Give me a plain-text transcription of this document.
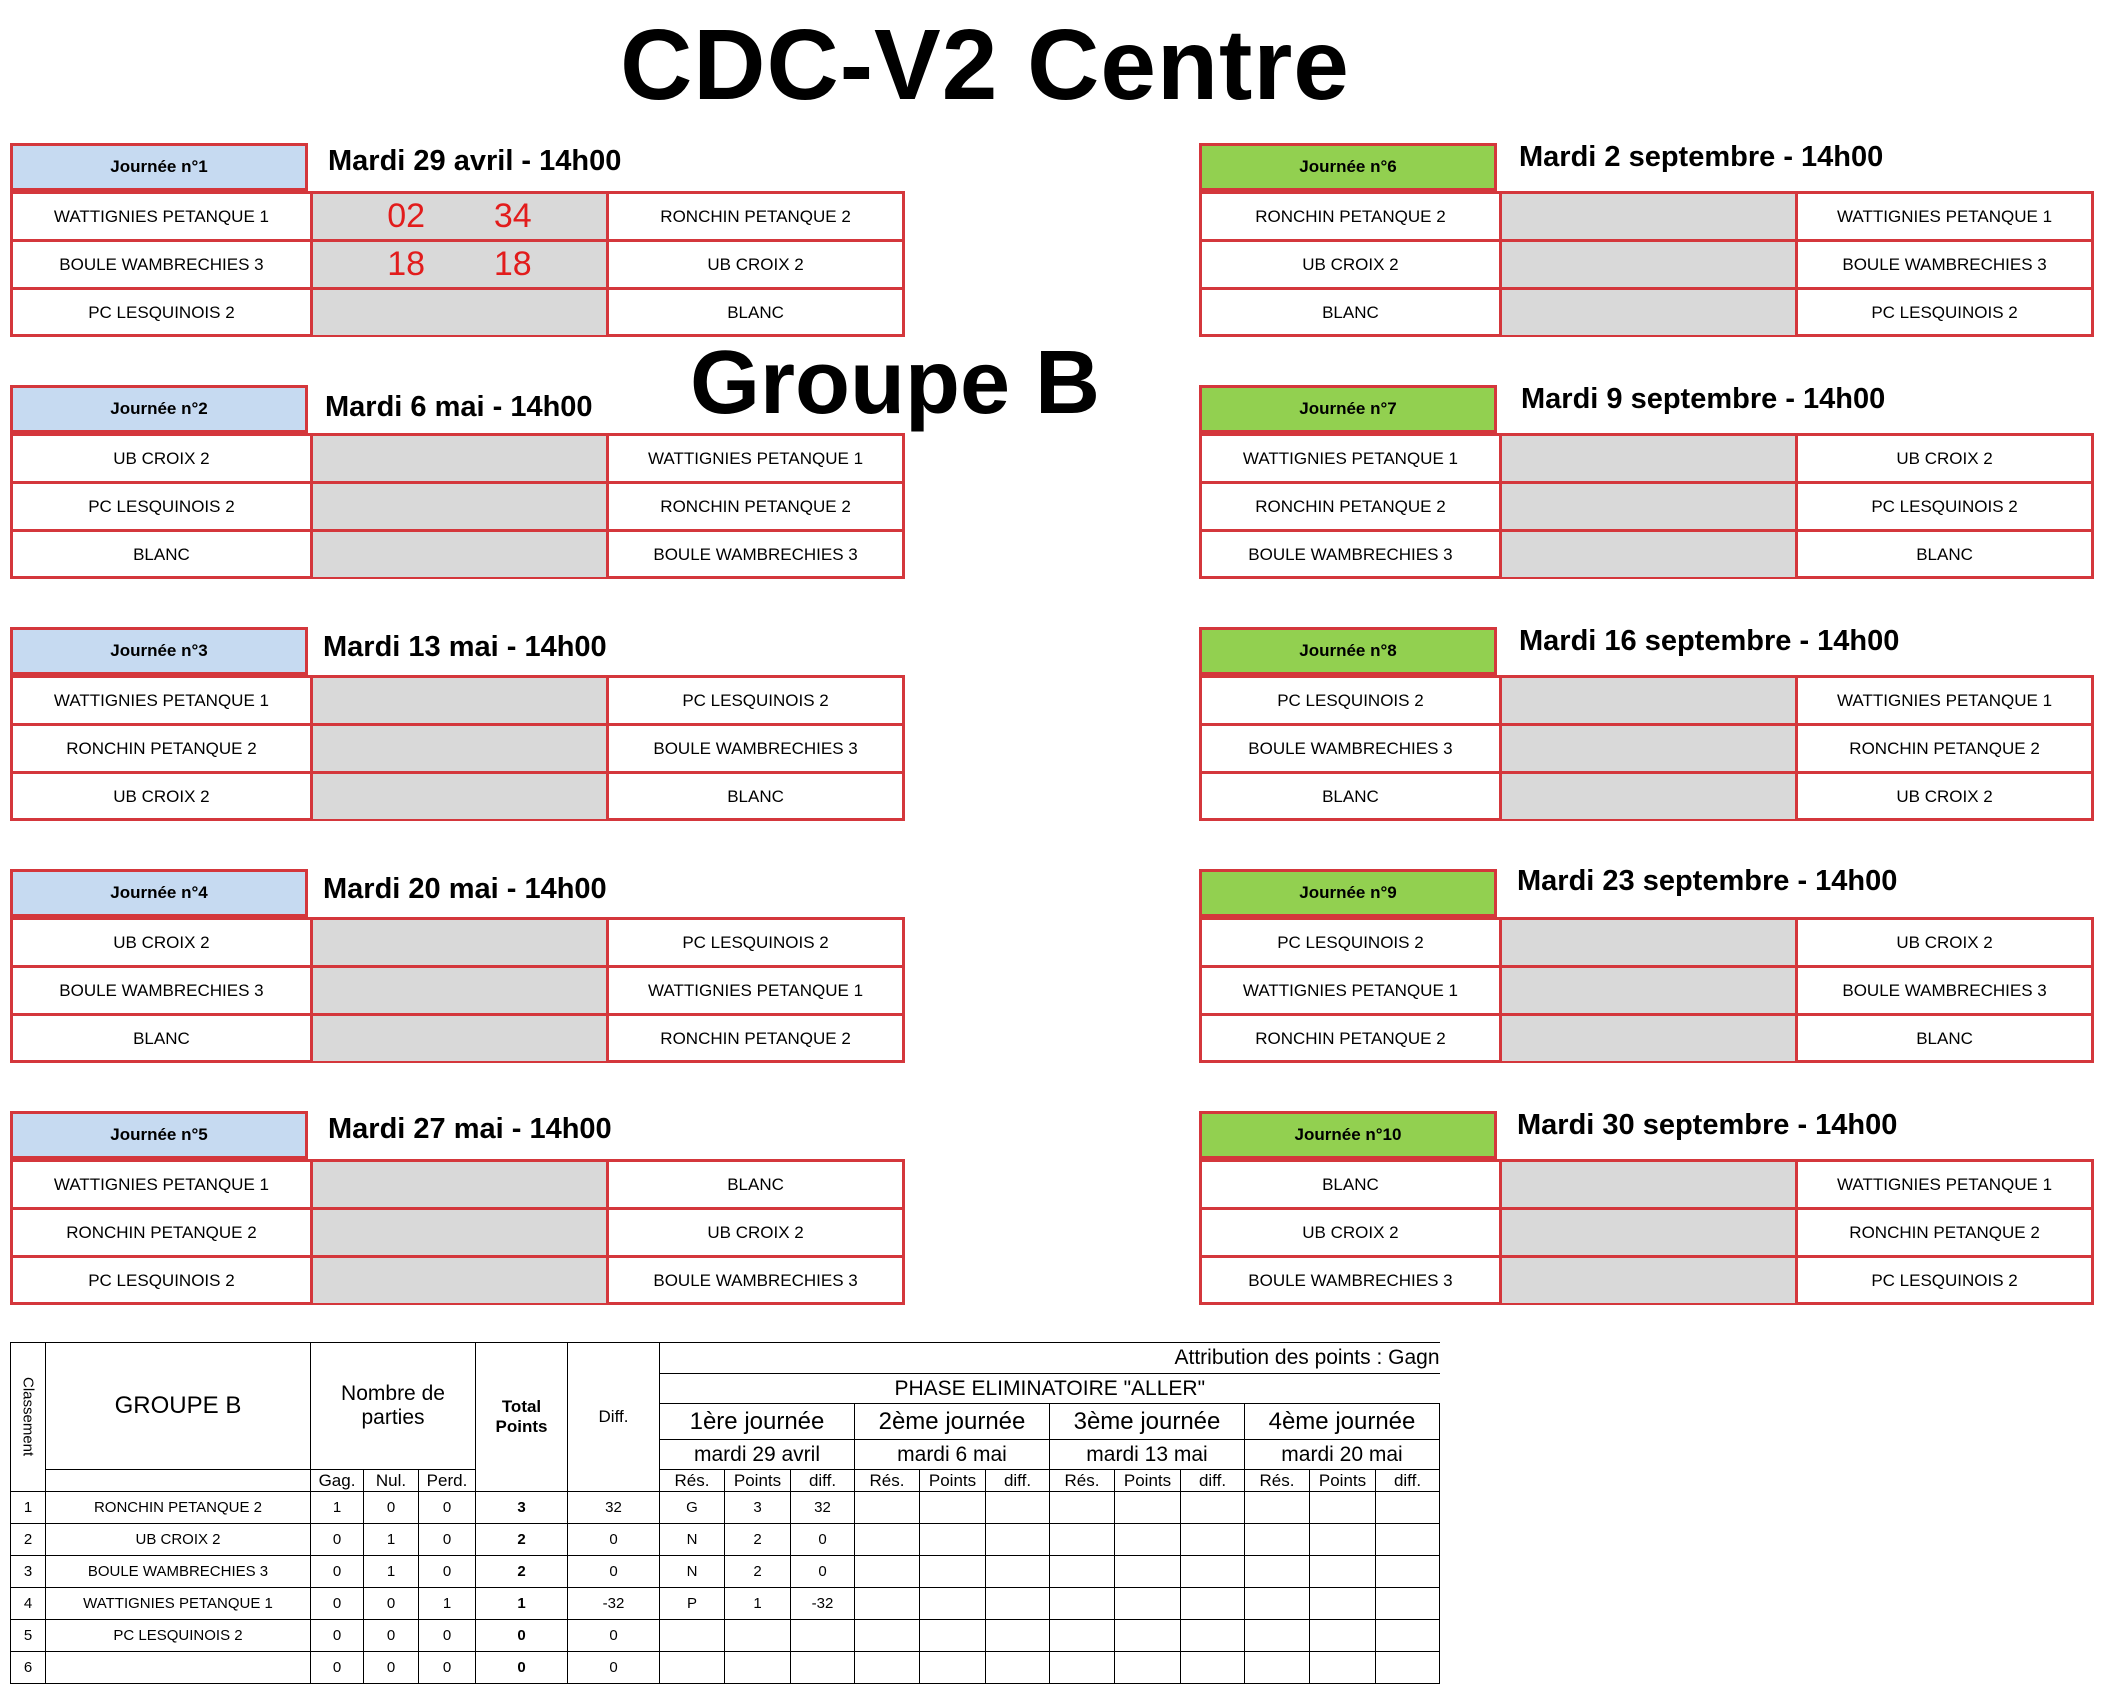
CDC-V2 Centre
Groupe B
Journée n°1	Mardi 29 avril - 14h00
WATTIGNIES PETANQUE 1	02	34	RONCHIN PETANQUE 2
BOULE WAMBRECHIES 3	18	18	UB CROIX 2
PC LESQUINOIS 2	BLANC
Journée n°2	Mardi 6 mai - 14h00
UB CROIX 2	WATTIGNIES PETANQUE 1
PC LESQUINOIS 2	RONCHIN PETANQUE 2
BLANC	BOULE WAMBRECHIES 3
Journée n°3	Mardi 13 mai - 14h00
WATTIGNIES PETANQUE 1	PC LESQUINOIS 2
RONCHIN PETANQUE 2	BOULE WAMBRECHIES 3
UB CROIX 2	BLANC
Journée n°4	Mardi 20 mai - 14h00
UB CROIX 2	PC LESQUINOIS 2
BOULE WAMBRECHIES 3	WATTIGNIES PETANQUE 1
BLANC	RONCHIN PETANQUE 2
Journée n°5	Mardi 27 mai - 14h00
WATTIGNIES PETANQUE 1	BLANC
RONCHIN PETANQUE 2	UB CROIX 2
PC LESQUINOIS 2	BOULE WAMBRECHIES 3
Journée n°6	Mardi 2 septembre - 14h00
RONCHIN PETANQUE 2	WATTIGNIES PETANQUE 1
UB CROIX 2	BOULE WAMBRECHIES 3
BLANC	PC LESQUINOIS 2
Journée n°7	Mardi 9 septembre - 14h00
WATTIGNIES PETANQUE 1	UB CROIX 2
RONCHIN PETANQUE 2	PC LESQUINOIS 2
BOULE WAMBRECHIES 3	BLANC
Journée n°8	Mardi 16 septembre - 14h00
PC LESQUINOIS 2	WATTIGNIES PETANQUE 1
BOULE WAMBRECHIES 3	RONCHIN PETANQUE 2
BLANC	UB CROIX 2
Journée n°9	Mardi 23 septembre - 14h00
PC LESQUINOIS 2	UB CROIX 2
WATTIGNIES PETANQUE 1	BOULE WAMBRECHIES 3
RONCHIN PETANQUE 2	BLANC
Journée n°10	Mardi 30 septembre - 14h00
BLANC	WATTIGNIES PETANQUE 1
UB CROIX 2	RONCHIN PETANQUE 2
BOULE WAMBRECHIES 3	PC LESQUINOIS 2
Classement	GROUPE B	Nombre de parties			Total Points	Diff.	Attribution des points : Gagn											
							PHASE ELIMINATOIRE "ALLER"											
							1ère journée			2ème journée			3ème journée			4ème journée		
							mardi 29 avril			mardi 6 mai			mardi 13 mai			mardi 20 mai		
		Gag.	Nul.	Perd.			Rés.	Points	diff.	Rés.	Points	diff.	Rés.	Points	diff.	Rés.	Points	diff.
1	RONCHIN PETANQUE 2	1	0	0	3	32	G	3	32									
2	UB CROIX 2	0	1	0	2	0	N	2	0									
3	BOULE WAMBRECHIES 3	0	1	0	2	0	N	2	0									
4	WATTIGNIES PETANQUE 1	0	0	1	1	-32	P	1	-32									
5	PC LESQUINOIS 2	0	0	0	0	0												
6		0	0	0	0	0												
